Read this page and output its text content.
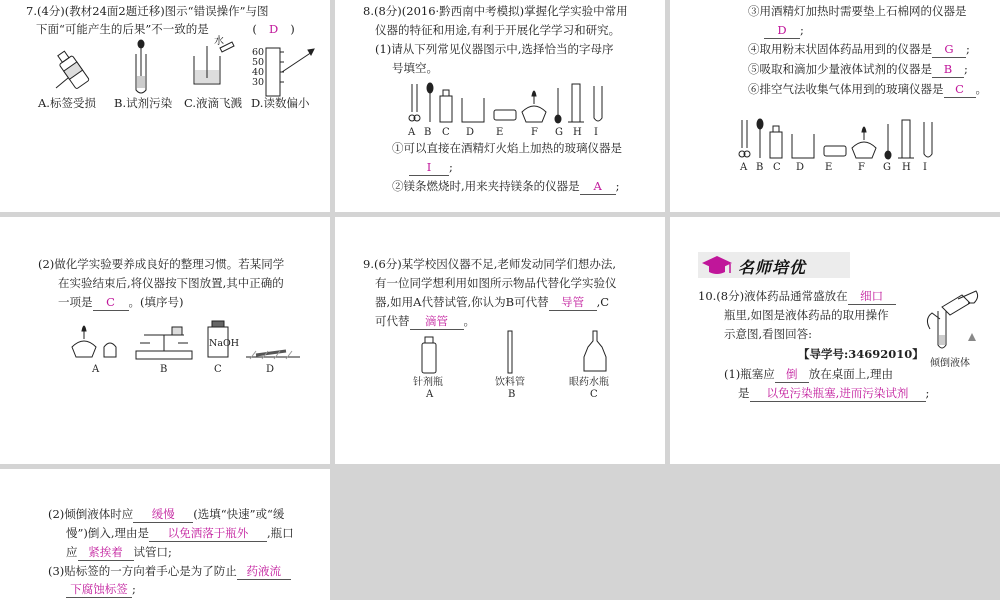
7.(4分)(教材24面2题迁移)图示“错误操作”与图
下面“可能产生的后果”不一致的是	( D )
水
60
50
40
30
A.标签受损 B.试剂污染 C.液滴飞溅 D.读数偏小
8.(8分)(2016·黔西南中考模拟)掌握化学实验中常用
仪器的特征和用途,有利于开展化学学习和研究。
(1)请从下列常见仪器图示中,选择恰当的字母序
号填空。
A B C D E	F G H I
①可以直接在酒精灯火焰上加热的玻璃仪器是
I ;
②镁条燃烧时,用来夹持镁条的仪器是 A ;
③用酒精灯加热时需要垫上石棉网的仪器是
D ;
④取用粉末状固体药品用到的仪器是 G ;
⑤吸取和滴加少量液体试剂的仪器是 B ;
⑥排空气法收集气体用到的玻璃仪器是 C 。
A B C D E	F G H I
(2)做化学实验要养成良好的整理习惯。若某同学
在实验结束后,将仪器按下图放置,其中正确的
一项是 C 。(填序号)
NaOH
A	B	C	D
9.(6分)某学校因仪器不足,老师发动同学们想办法,
有一位同学想利用如图所示物品代替化学实验仪
器,如用A代替试管,你认为B可代替 导管 ,C
可代替 滴管 。
针剂瓶
A
饮料管
B
眼药水瓶
C
名师培优
10.(8分)液体药品通常盛放在 细口
瓶里,如图是液体药品的取用操作
示意图,看图回答:
【导学号:34692010】
倾倒液体
(1)瓶塞应 倒 放在桌面上,理由
是 以免污染瓶塞,进而污染试剂 ;
(2)倾倒液体时应 缓慢 (选填“快速”或“缓
慢”)倒入,理由是 以免洒落于瓶外 ,瓶口
应 紧挨着 试管口;
(3)贴标签的一方向着手心是为了防止 药液流
下腐蚀标签 ;
